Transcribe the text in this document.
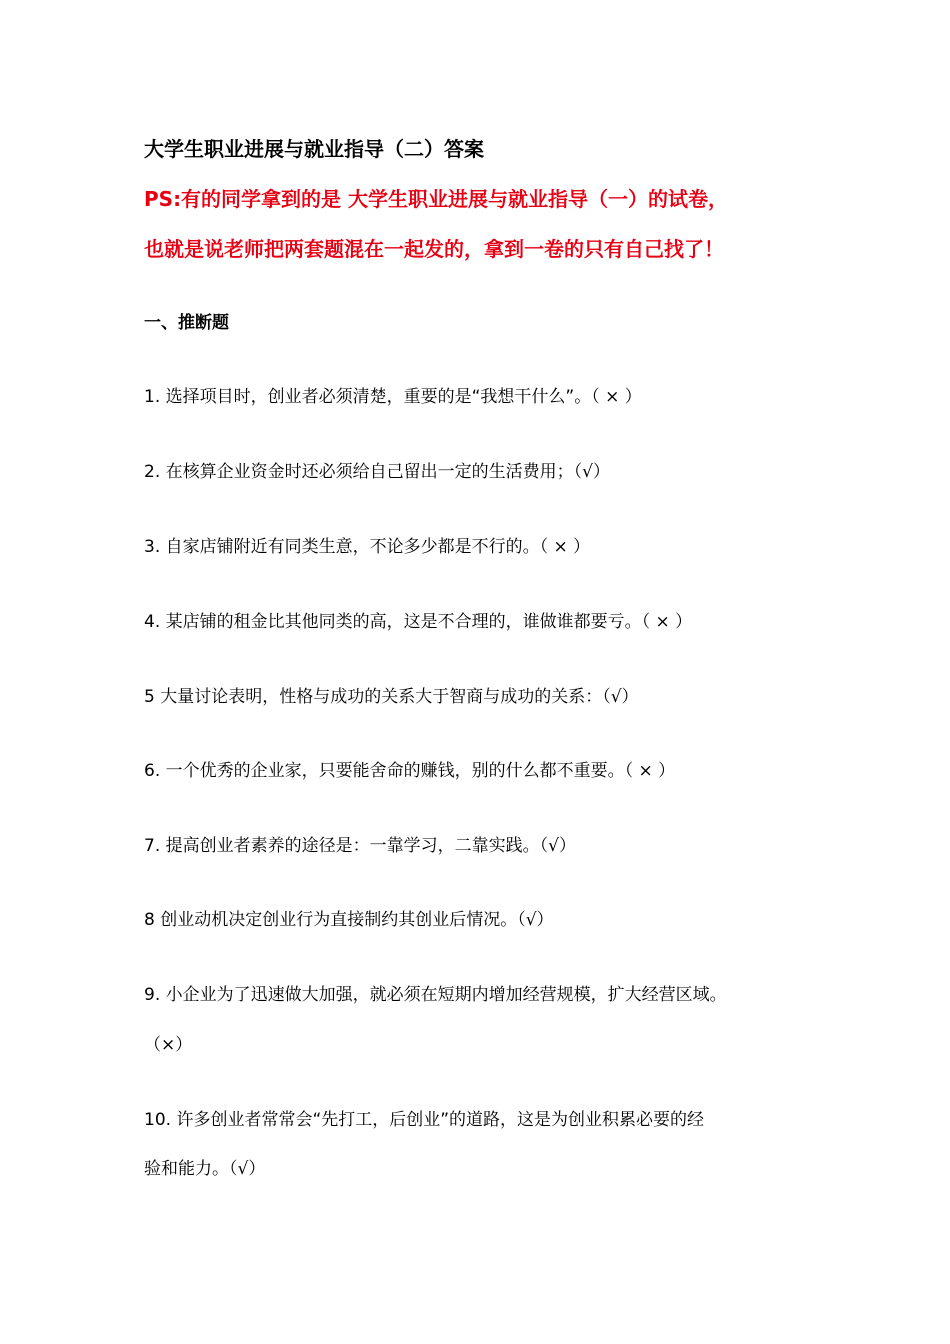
大学生职业进展与就业指导（二）答案
PS:有的同学拿到的是 大学生职业进展与就业指导（一）的试卷，
也就是说老师把两套题混在一起发的，拿到一卷的只有自己找了！
一、推断题
1. 选择项目时，创业者必须清楚，重要的是“我想干什么”。（ × ）
2. 在核算企业资金时还必须给自己留出一定的生活费用；（√）
3. 自家店铺附近有同类生意，不论多少都是不行的。（ × ）
4. 某店铺的租金比其他同类的高，这是不合理的，谁做谁都要亏。（ × ）
5 大量讨论表明，性格与成功的关系大于智商与成功的关系：（√）
6. 一个优秀的企业家，只要能舍命的赚钱，别的什么都不重要。（ × ）
7. 提高创业者素养的途径是：一靠学习，二靠实践。（√）
8 创业动机决定创业行为直接制约其创业后情况。（√）
9. 小企业为了迅速做大加强，就必须在短期内增加经营规模，扩大经营区域。
（×）
10. 许多创业者常常会“先打工，后创业”的道路，这是为创业积累必要的经
验和能力。（√）
